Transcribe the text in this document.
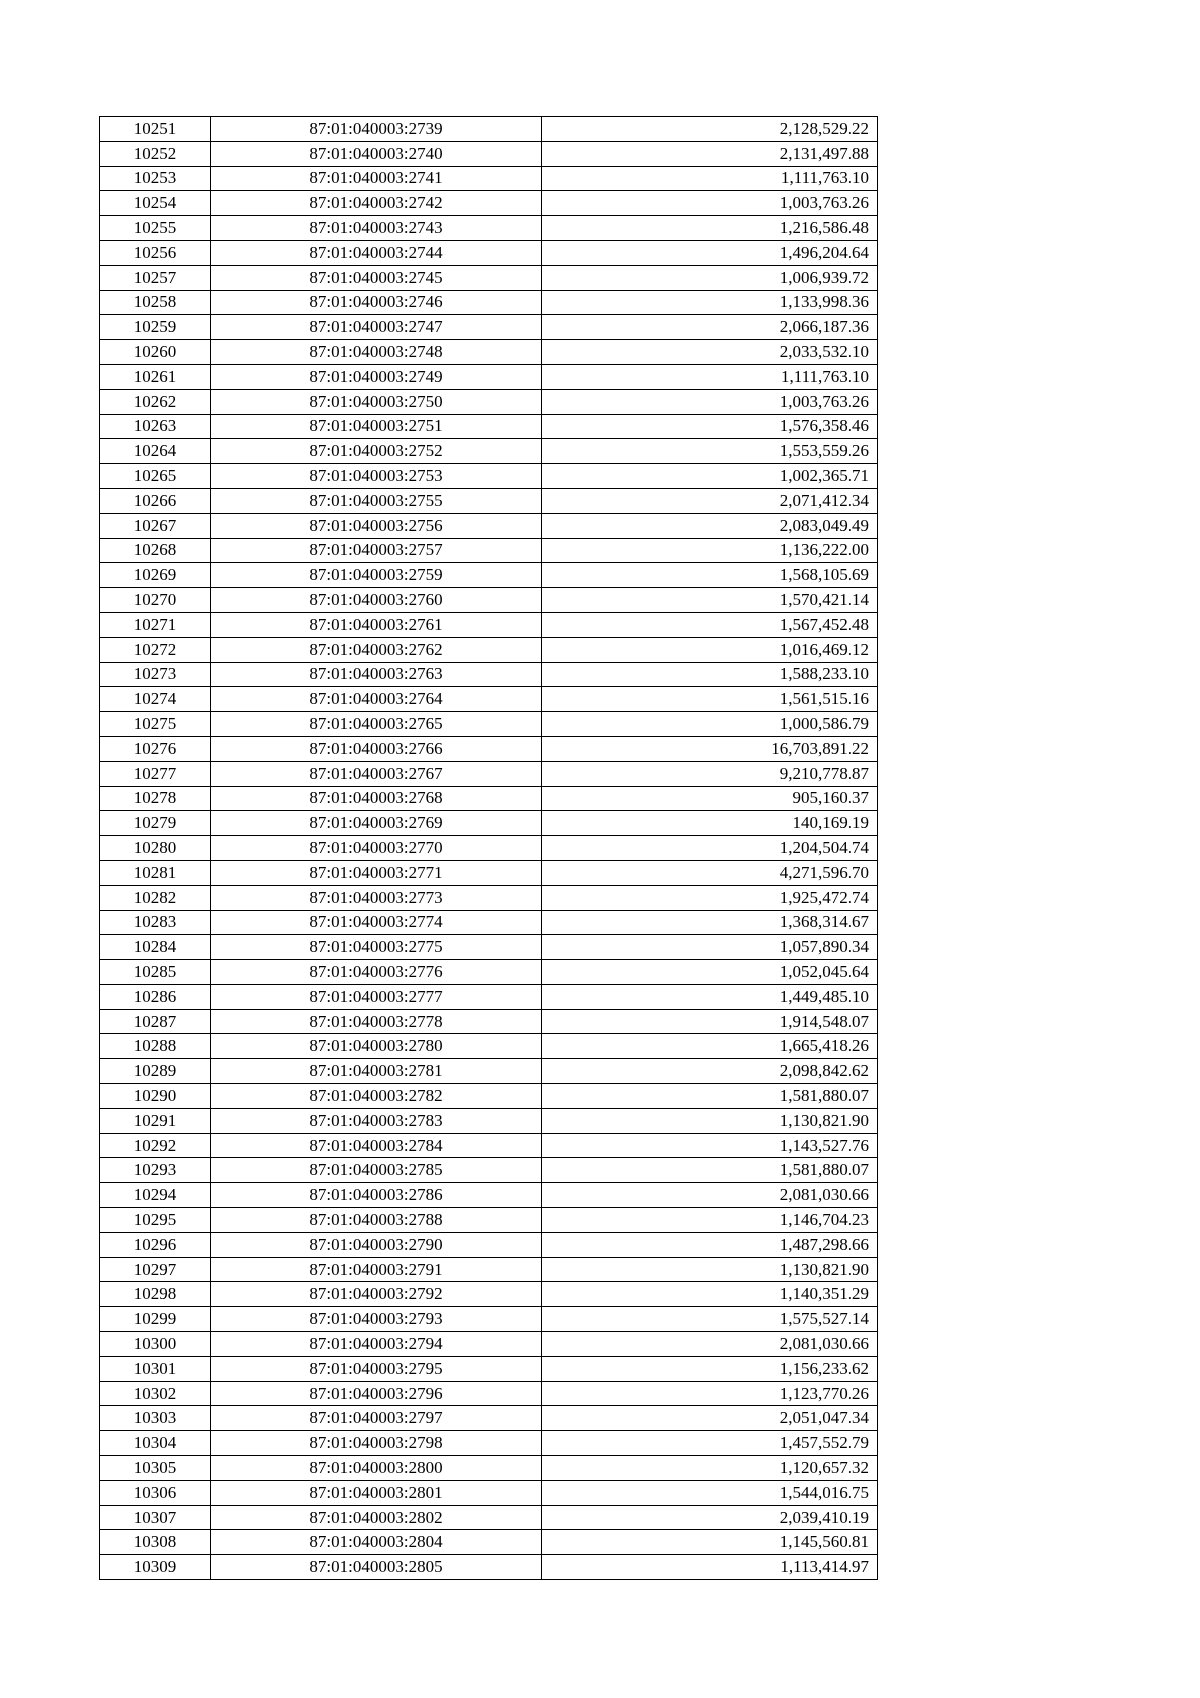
10251	87:01:040003:2739	2,128,529.22
10252	87:01:040003:2740	2,131,497.88
10253	87:01:040003:2741	1,111,763.10
10254	87:01:040003:2742	1,003,763.26
10255	87:01:040003:2743	1,216,586.48
10256	87:01:040003:2744	1,496,204.64
10257	87:01:040003:2745	1,006,939.72
10258	87:01:040003:2746	1,133,998.36
10259	87:01:040003:2747	2,066,187.36
10260	87:01:040003:2748	2,033,532.10
10261	87:01:040003:2749	1,111,763.10
10262	87:01:040003:2750	1,003,763.26
10263	87:01:040003:2751	1,576,358.46
10264	87:01:040003:2752	1,553,559.26
10265	87:01:040003:2753	1,002,365.71
10266	87:01:040003:2755	2,071,412.34
10267	87:01:040003:2756	2,083,049.49
10268	87:01:040003:2757	1,136,222.00
10269	87:01:040003:2759	1,568,105.69
10270	87:01:040003:2760	1,570,421.14
10271	87:01:040003:2761	1,567,452.48
10272	87:01:040003:2762	1,016,469.12
10273	87:01:040003:2763	1,588,233.10
10274	87:01:040003:2764	1,561,515.16
10275	87:01:040003:2765	1,000,586.79
10276	87:01:040003:2766	16,703,891.22
10277	87:01:040003:2767	9,210,778.87
10278	87:01:040003:2768	905,160.37
10279	87:01:040003:2769	140,169.19
10280	87:01:040003:2770	1,204,504.74
10281	87:01:040003:2771	4,271,596.70
10282	87:01:040003:2773	1,925,472.74
10283	87:01:040003:2774	1,368,314.67
10284	87:01:040003:2775	1,057,890.34
10285	87:01:040003:2776	1,052,045.64
10286	87:01:040003:2777	1,449,485.10
10287	87:01:040003:2778	1,914,548.07
10288	87:01:040003:2780	1,665,418.26
10289	87:01:040003:2781	2,098,842.62
10290	87:01:040003:2782	1,581,880.07
10291	87:01:040003:2783	1,130,821.90
10292	87:01:040003:2784	1,143,527.76
10293	87:01:040003:2785	1,581,880.07
10294	87:01:040003:2786	2,081,030.66
10295	87:01:040003:2788	1,146,704.23
10296	87:01:040003:2790	1,487,298.66
10297	87:01:040003:2791	1,130,821.90
10298	87:01:040003:2792	1,140,351.29
10299	87:01:040003:2793	1,575,527.14
10300	87:01:040003:2794	2,081,030.66
10301	87:01:040003:2795	1,156,233.62
10302	87:01:040003:2796	1,123,770.26
10303	87:01:040003:2797	2,051,047.34
10304	87:01:040003:2798	1,457,552.79
10305	87:01:040003:2800	1,120,657.32
10306	87:01:040003:2801	1,544,016.75
10307	87:01:040003:2802	2,039,410.19
10308	87:01:040003:2804	1,145,560.81
10309	87:01:040003:2805	1,113,414.97
